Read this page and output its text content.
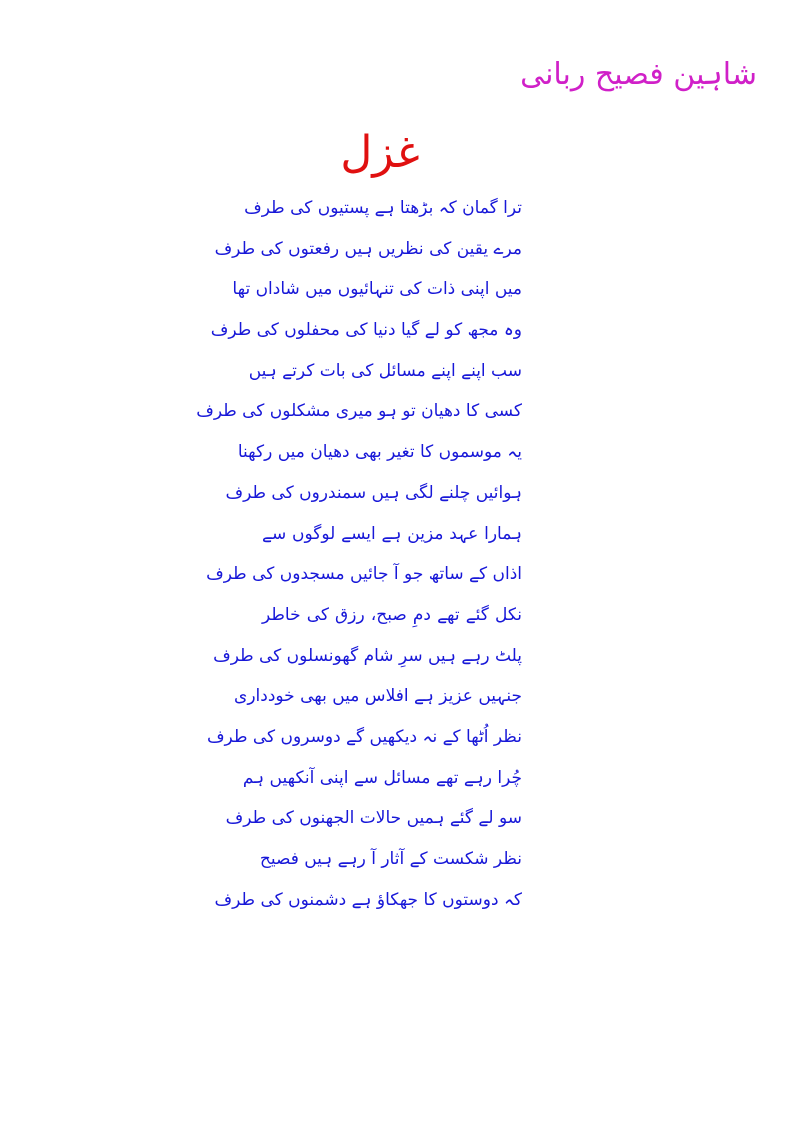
شاہین فصیح ربانی
غزل
ترا گمان کہ بڑھتا ہے پستیوں کی طرف
مرے یقین کی نظریں ہیں رفعتوں کی طرف
میں اپنی ذات کی تنہائیوں میں شاداں تھا
وہ مجھ کو لے گیا دنیا کی محفلوں کی طرف
سب اپنے اپنے مسائل کی بات کرتے ہیں
کسی کا دھیان تو ہو میری مشکلوں کی طرف
یہ موسموں کا تغیر بھی دھیان میں رکھنا
ہوائیں چلنے لگی ہیں سمندروں کی طرف
ہمارا عہد مزین ہے ایسے لوگوں سے
اذاں کے ساتھ جو آ جائیں مسجدوں کی طرف
نکل گئے تھے دمِ صبح، رزق کی خاطر
پلٹ رہے ہیں سرِ شام گھونسلوں کی طرف
جنہیں عزیز ہے افلاس میں بھی خودداری
نظر اُٹھا کے نہ دیکھیں گے دوسروں کی طرف
چُرا رہے تھے مسائل سے اپنی آنکھیں ہم
سو لے گئے ہمیں حالات الجھنوں کی طرف
نظر شکست کے آثار آ رہے ہیں فصیح
کہ دوستوں کا جھکاؤ ہے دشمنوں کی طرف
